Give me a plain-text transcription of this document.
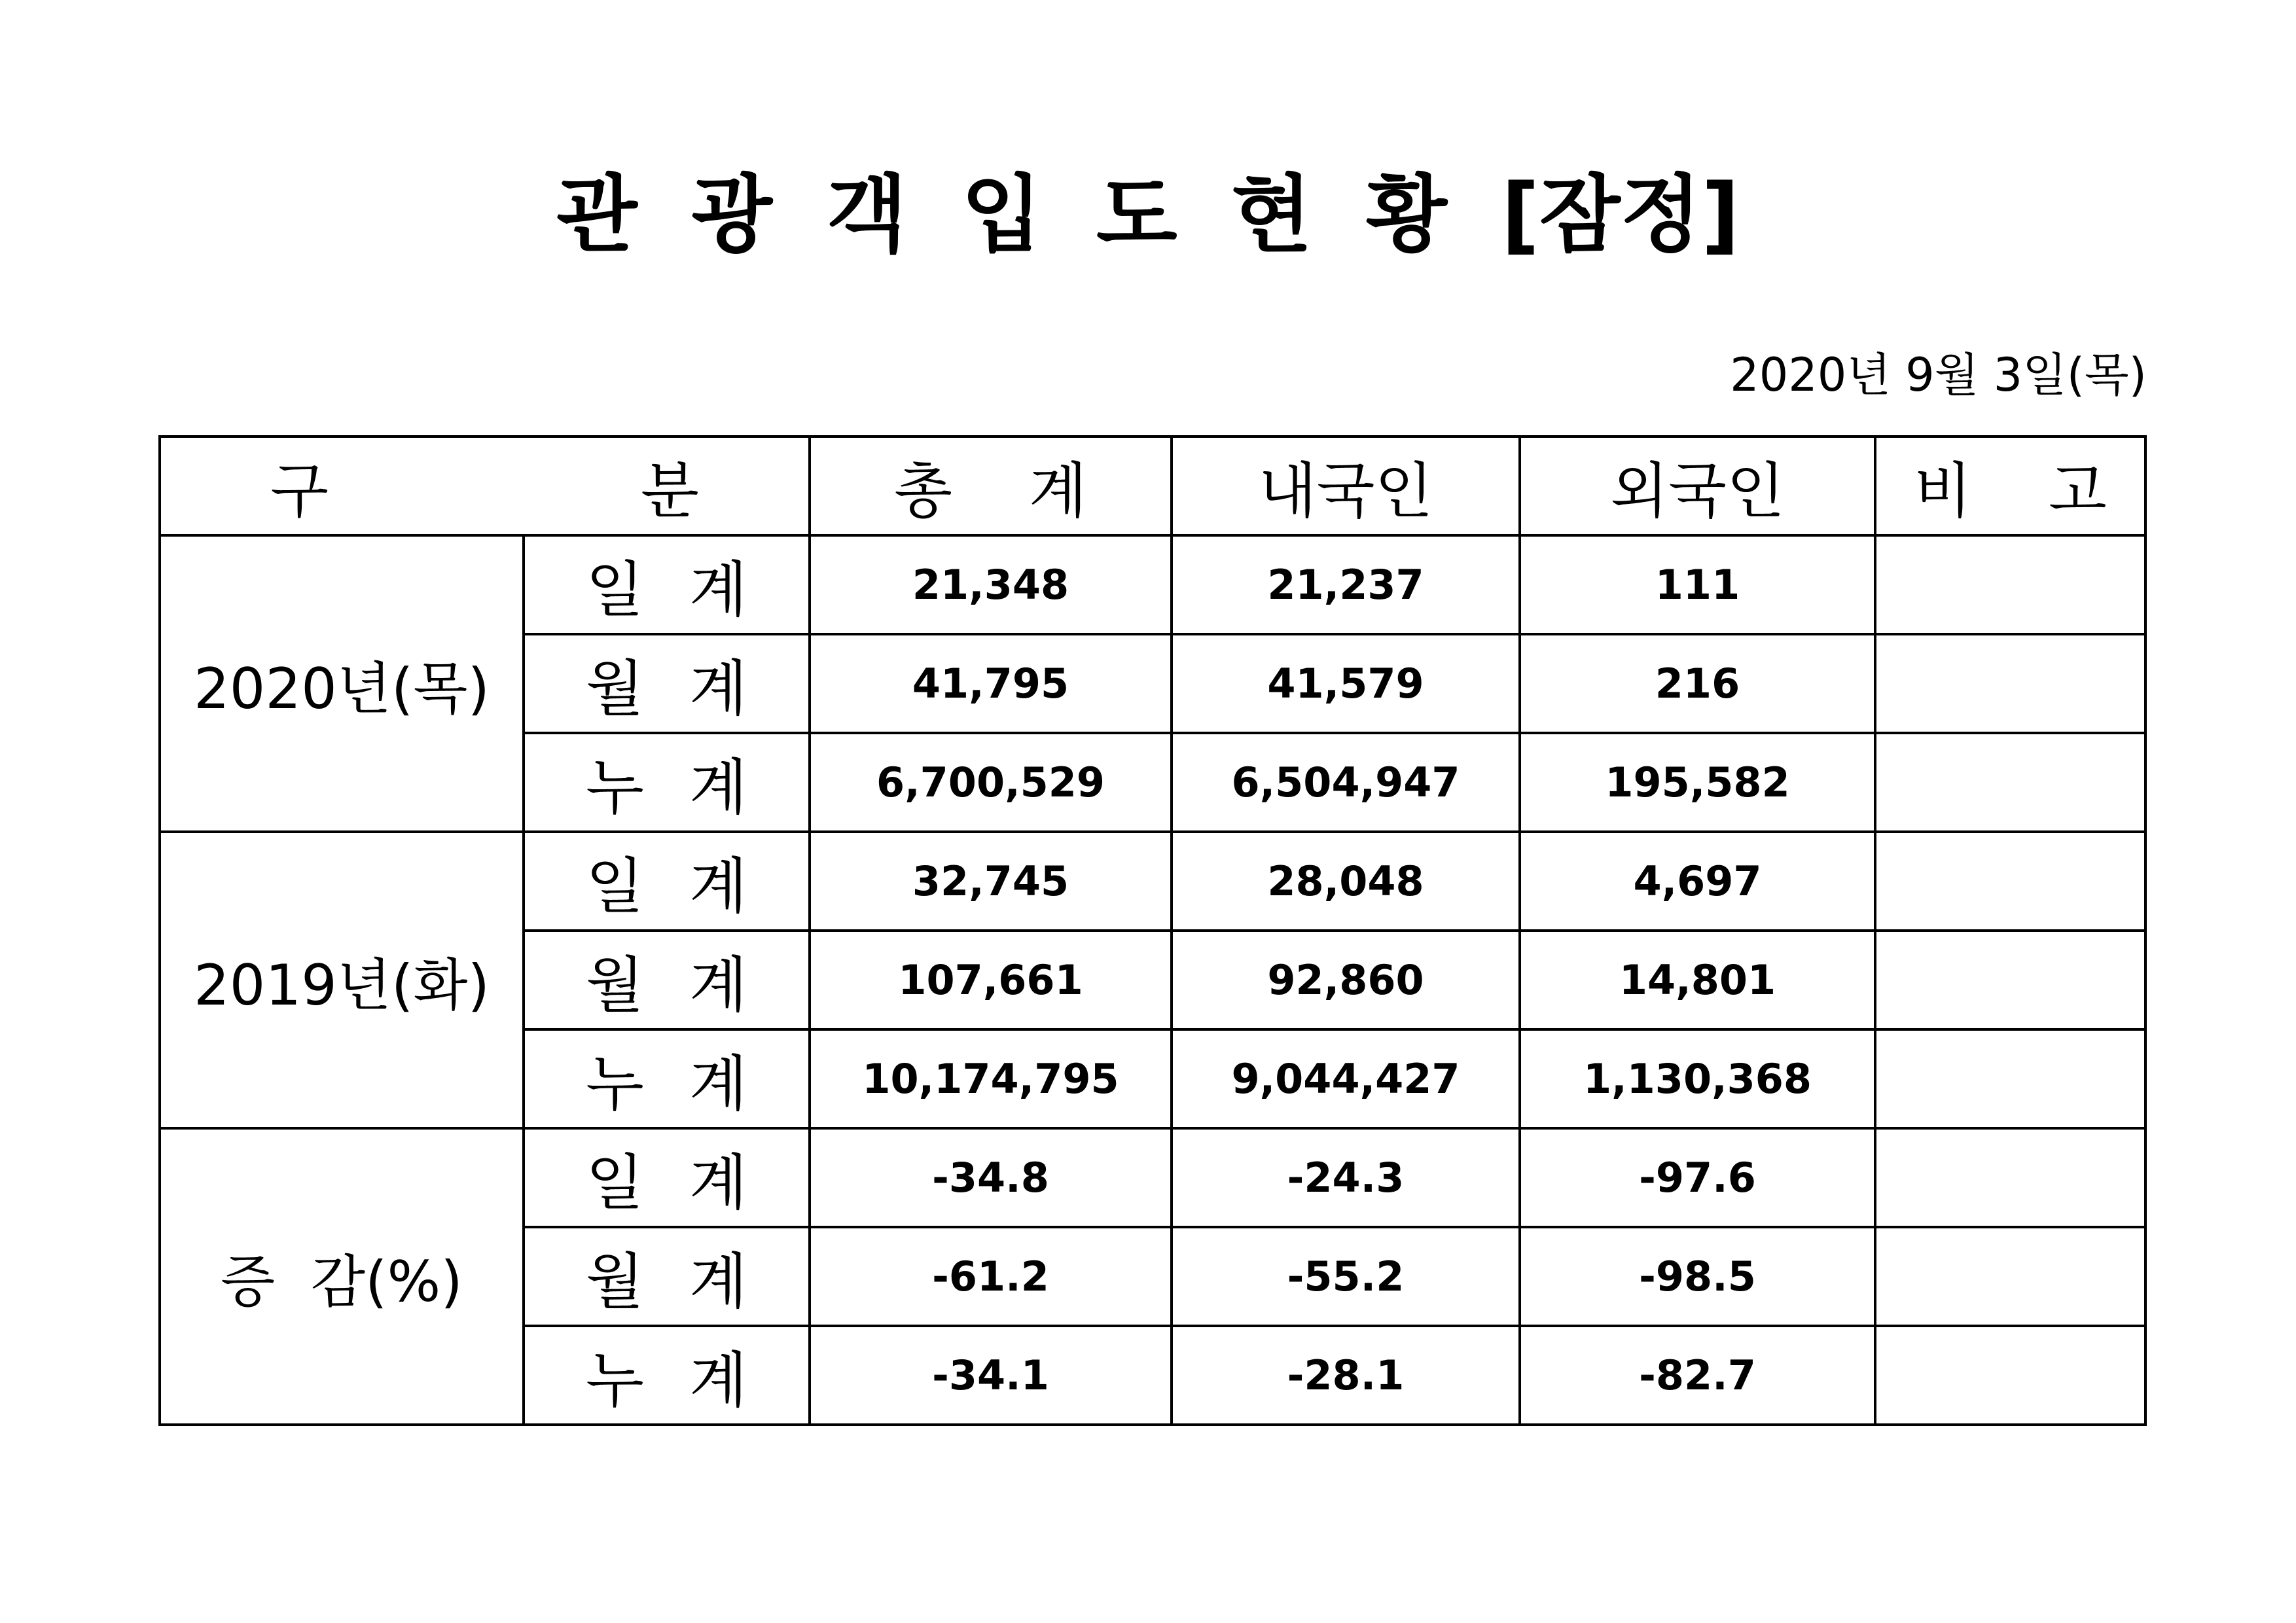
관 광 객 입 도 현 황 [잠정]
2020년 9월 3일(목)
구    분		총    계	내국인	외국인	비    고
2020년(목)	일 계	21,348	21,237	111	
	월 계	41,795	41,579	216	
	누 계	6,700,529	6,504,947	195,582	
2019년(화)	일 계	32,745	28,048	4,697	
	월 계	107,661	92,860	14,801	
	누 계	10,174,795	9,044,427	1,130,368	
증  감(%)	일 계	-34.8	-24.3	-97.6	
	월 계	-61.2	-55.2	-98.5	
	누 계	-34.1	-28.1	-82.7	
